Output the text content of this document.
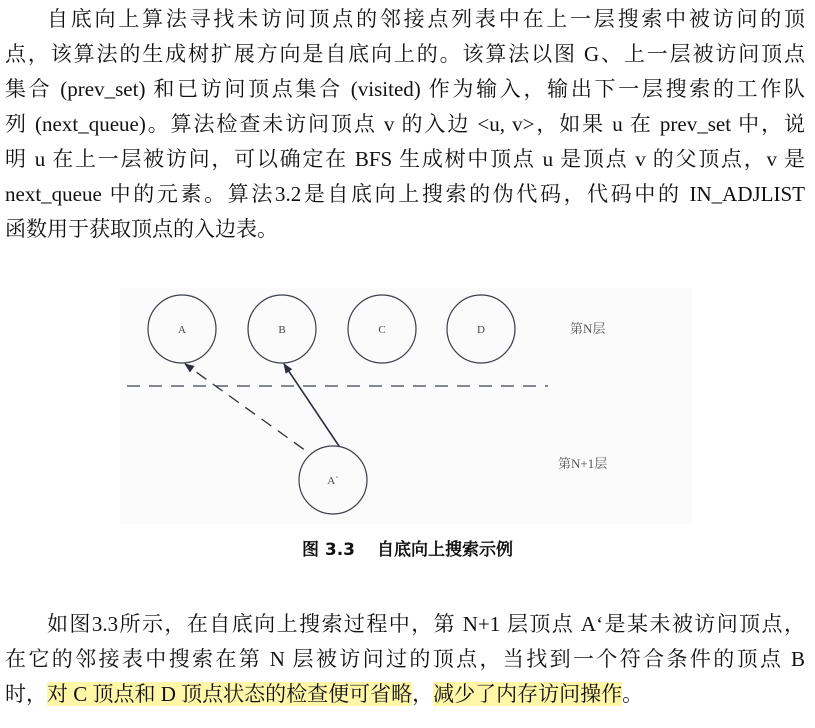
自底向上算法寻找未访问顶点的邻接点列表中在上一层搜索中被访问的顶
点，该算法的生成树扩展方向是自底向上的。该算法以图 G、上一层被访问顶点
集合 (prev_set) 和已访问顶点集合 (visited) 作为输入，输出下一层搜索的工作队
列 (next_queue)。算法检查未访问顶点 v 的入边 <u, v>，如果 u 在 prev_set 中，说
明 u 在上一层被访问，可以确定在 BFS 生成树中顶点 u 是顶点 v 的父顶点，v 是
next_queue 中的元素。算法3.2是自底向上搜索的伪代码，代码中的 IN_ADJLIST
函数用于获取顶点的入边表。
A	B	C	D	第N层
A`
第N+1层
图 3.3 自底向上搜索示例
如图3.3所示，在自底向上搜索过程中，第 N+1 层顶点 A‘是某未被访问顶点，
在它的邻接表中搜索在第 N 层被访问过的顶点，当找到一个符合条件的顶点 B
时，对 C 顶点和 D 顶点状态的检查便可省略，减少了内存访问操作。
